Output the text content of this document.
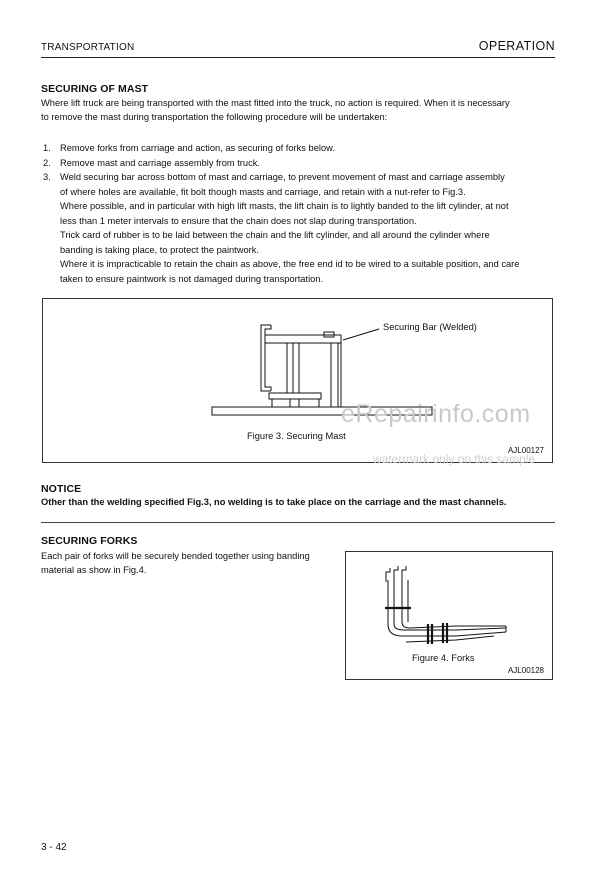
TRANSPORTATION	OPERATION
SECURING OF MAST
Where lift truck are being transported with the mast fitted into the truck, no action is required. When it is necessary
to remove the mast during transportation the following procedure will be undertaken:
1. Remove forks from carriage and action, as securing of forks below.
2. Remove mast and carriage assembly from truck.
3. Weld securing bar across bottom of mast and carriage, to prevent movement of mast and carriage assembly
of where holes are available, fit bolt though masts and carriage, and retain with a nut-refer to Fig.3.
Where possible, and in particular with high lift masts, the lift chain is to lightly banded to the lift cylinder, at not
less than 1 meter intervals to ensure that the chain does not slap during transportation.
Trick card of rubber is to be laid between the chain and the lift cylinder, and all around the cylinder where
banding is taking place, to protect the paintwork.
Where it is impracticable to retain the chain as above, the free end id to be wired to a suitable position, and care
taken to ensure paintwork is not damaged during transportation.
Securing Bar (Welded)
Figure 3. Securing Mast
AJL00127
eRepairinfo.com
watermark only on this sample
NOTICE
Other than the welding specified Fig.3, no welding is to take place on the carriage and the mast channels.
SECURING FORKS
Each pair of forks will be securely bended together using banding
material as show in Fig.4.
Figure 4. Forks
AJL00128
3 - 42
